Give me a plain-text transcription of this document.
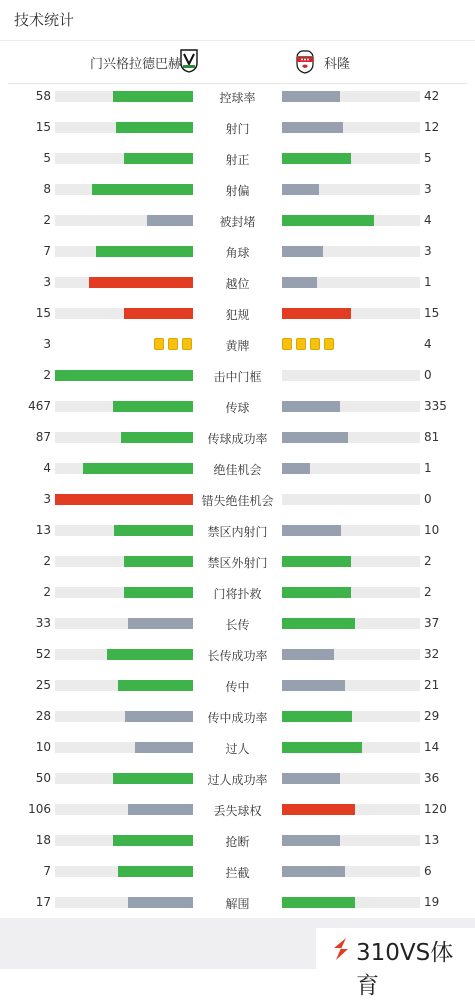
技术统计
门兴格拉德巴赫	科隆
58	控球率	42
15	射门	12
5	射正	5
8	射偏	3
2	被封堵	4
7	角球	3
3	越位	1
15	犯规	15
3	黄牌	4
2	击中门框	0
467	传球	335
87	传球成功率	81
4	绝佳机会	1
3	错失绝佳机会	0
13	禁区内射门	10
2	禁区外射门	2
2	门将扑救	2
33	长传	37
52	长传成功率	32
25	传中	21
28	传中成功率	29
10	过人	14
50	过人成功率	36
106	丢失球权	120
18	抢断	13
7	拦截	6
17	解围	19
310VS体育
